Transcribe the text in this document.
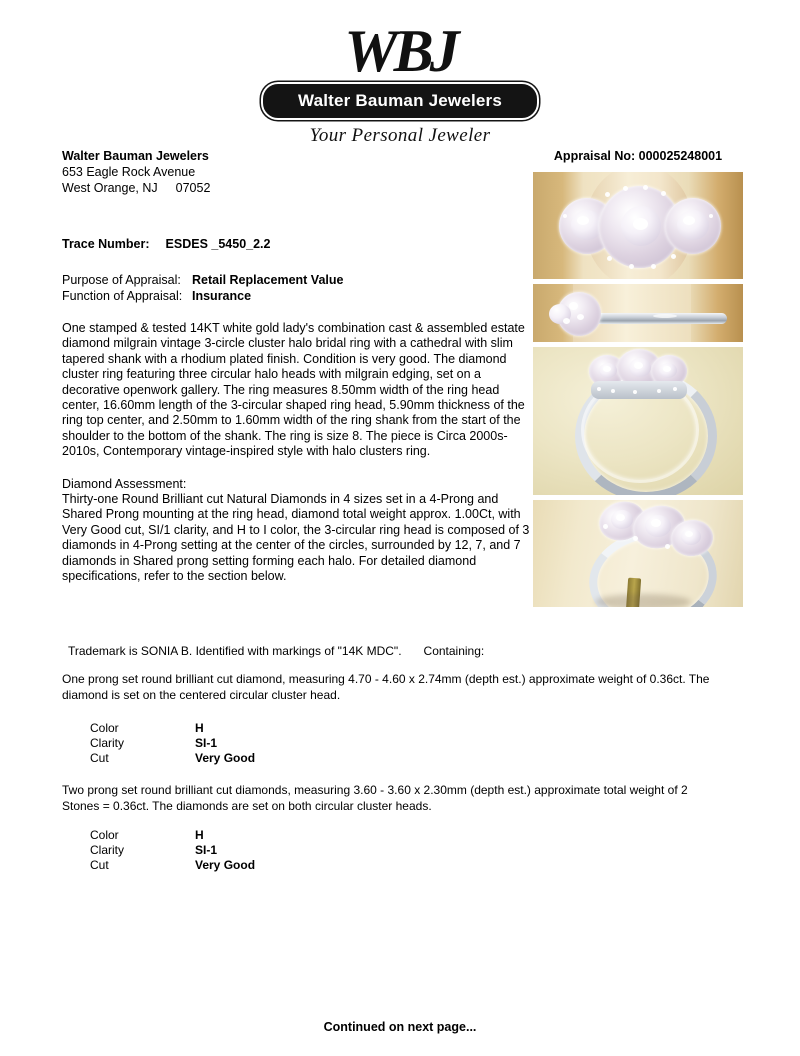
WBJ
Walter Bauman Jewelers
Your Personal Jeweler
Appraisal No: 000025248001
Walter Bauman Jewelers
653 Eagle Rock Avenue
West Orange, NJ 07052
Trace Number: ESDES _5450_2.2
Purpose of Appraisal: Retail Replacement Value
Function of Appraisal: Insurance
One stamped & tested 14KT white gold lady's combination cast & assembled estate diamond milgrain vintage 3-circle cluster halo bridal ring with a cathedral with slim tapered shank with a rhodium plated finish. Condition is very good. The diamond cluster ring featuring three circular halo heads with milgrain edging, set on a decorative openwork gallery. The ring measures 8.50mm width of the ring head center, 16.60mm length of the 3-circular shaped ring head, 5.90mm thickness of the ring top center, and 2.50mm to 1.60mm width of the ring shank from the start of the shoulder to the bottom of the shank. The ring is size 8. The piece is Circa 2000s-2010s, Contemporary vintage-inspired style with halo clusters ring.
Diamond Assessment:
Thirty-one Round Brilliant cut Natural Diamonds in 4 sizes set in a 4-Prong and Shared Prong mounting at the ring head, diamond total weight approx. 1.00Ct, with Very Good cut, SI/1 clarity, and H to I color, the 3-circular ring head is composed of 3 diamonds in 4-Prong setting at the center of the circles, surrounded by 12, 7, and 7 diamonds in Shared prong setting forming each halo. For detailed diamond specifications, refer to the section below.
Trademark is SONIA B. Identified with markings of "14K MDC". Containing:
One prong set round brilliant cut diamond, measuring 4.70 - 4.60 x 2.74mm (depth est.) approximate weight of 0.36ct. The diamond is set on the centered circular cluster head.
Color	H
Clarity	SI-1
Cut	Very Good
Two prong set round brilliant cut diamonds, measuring 3.60 - 3.60 x 2.30mm (depth est.) approximate total weight of 2 Stones = 0.36ct. The diamonds are set on both circular cluster heads.
Color	H
Clarity	SI-1
Cut	Very Good
Continued on next page...
